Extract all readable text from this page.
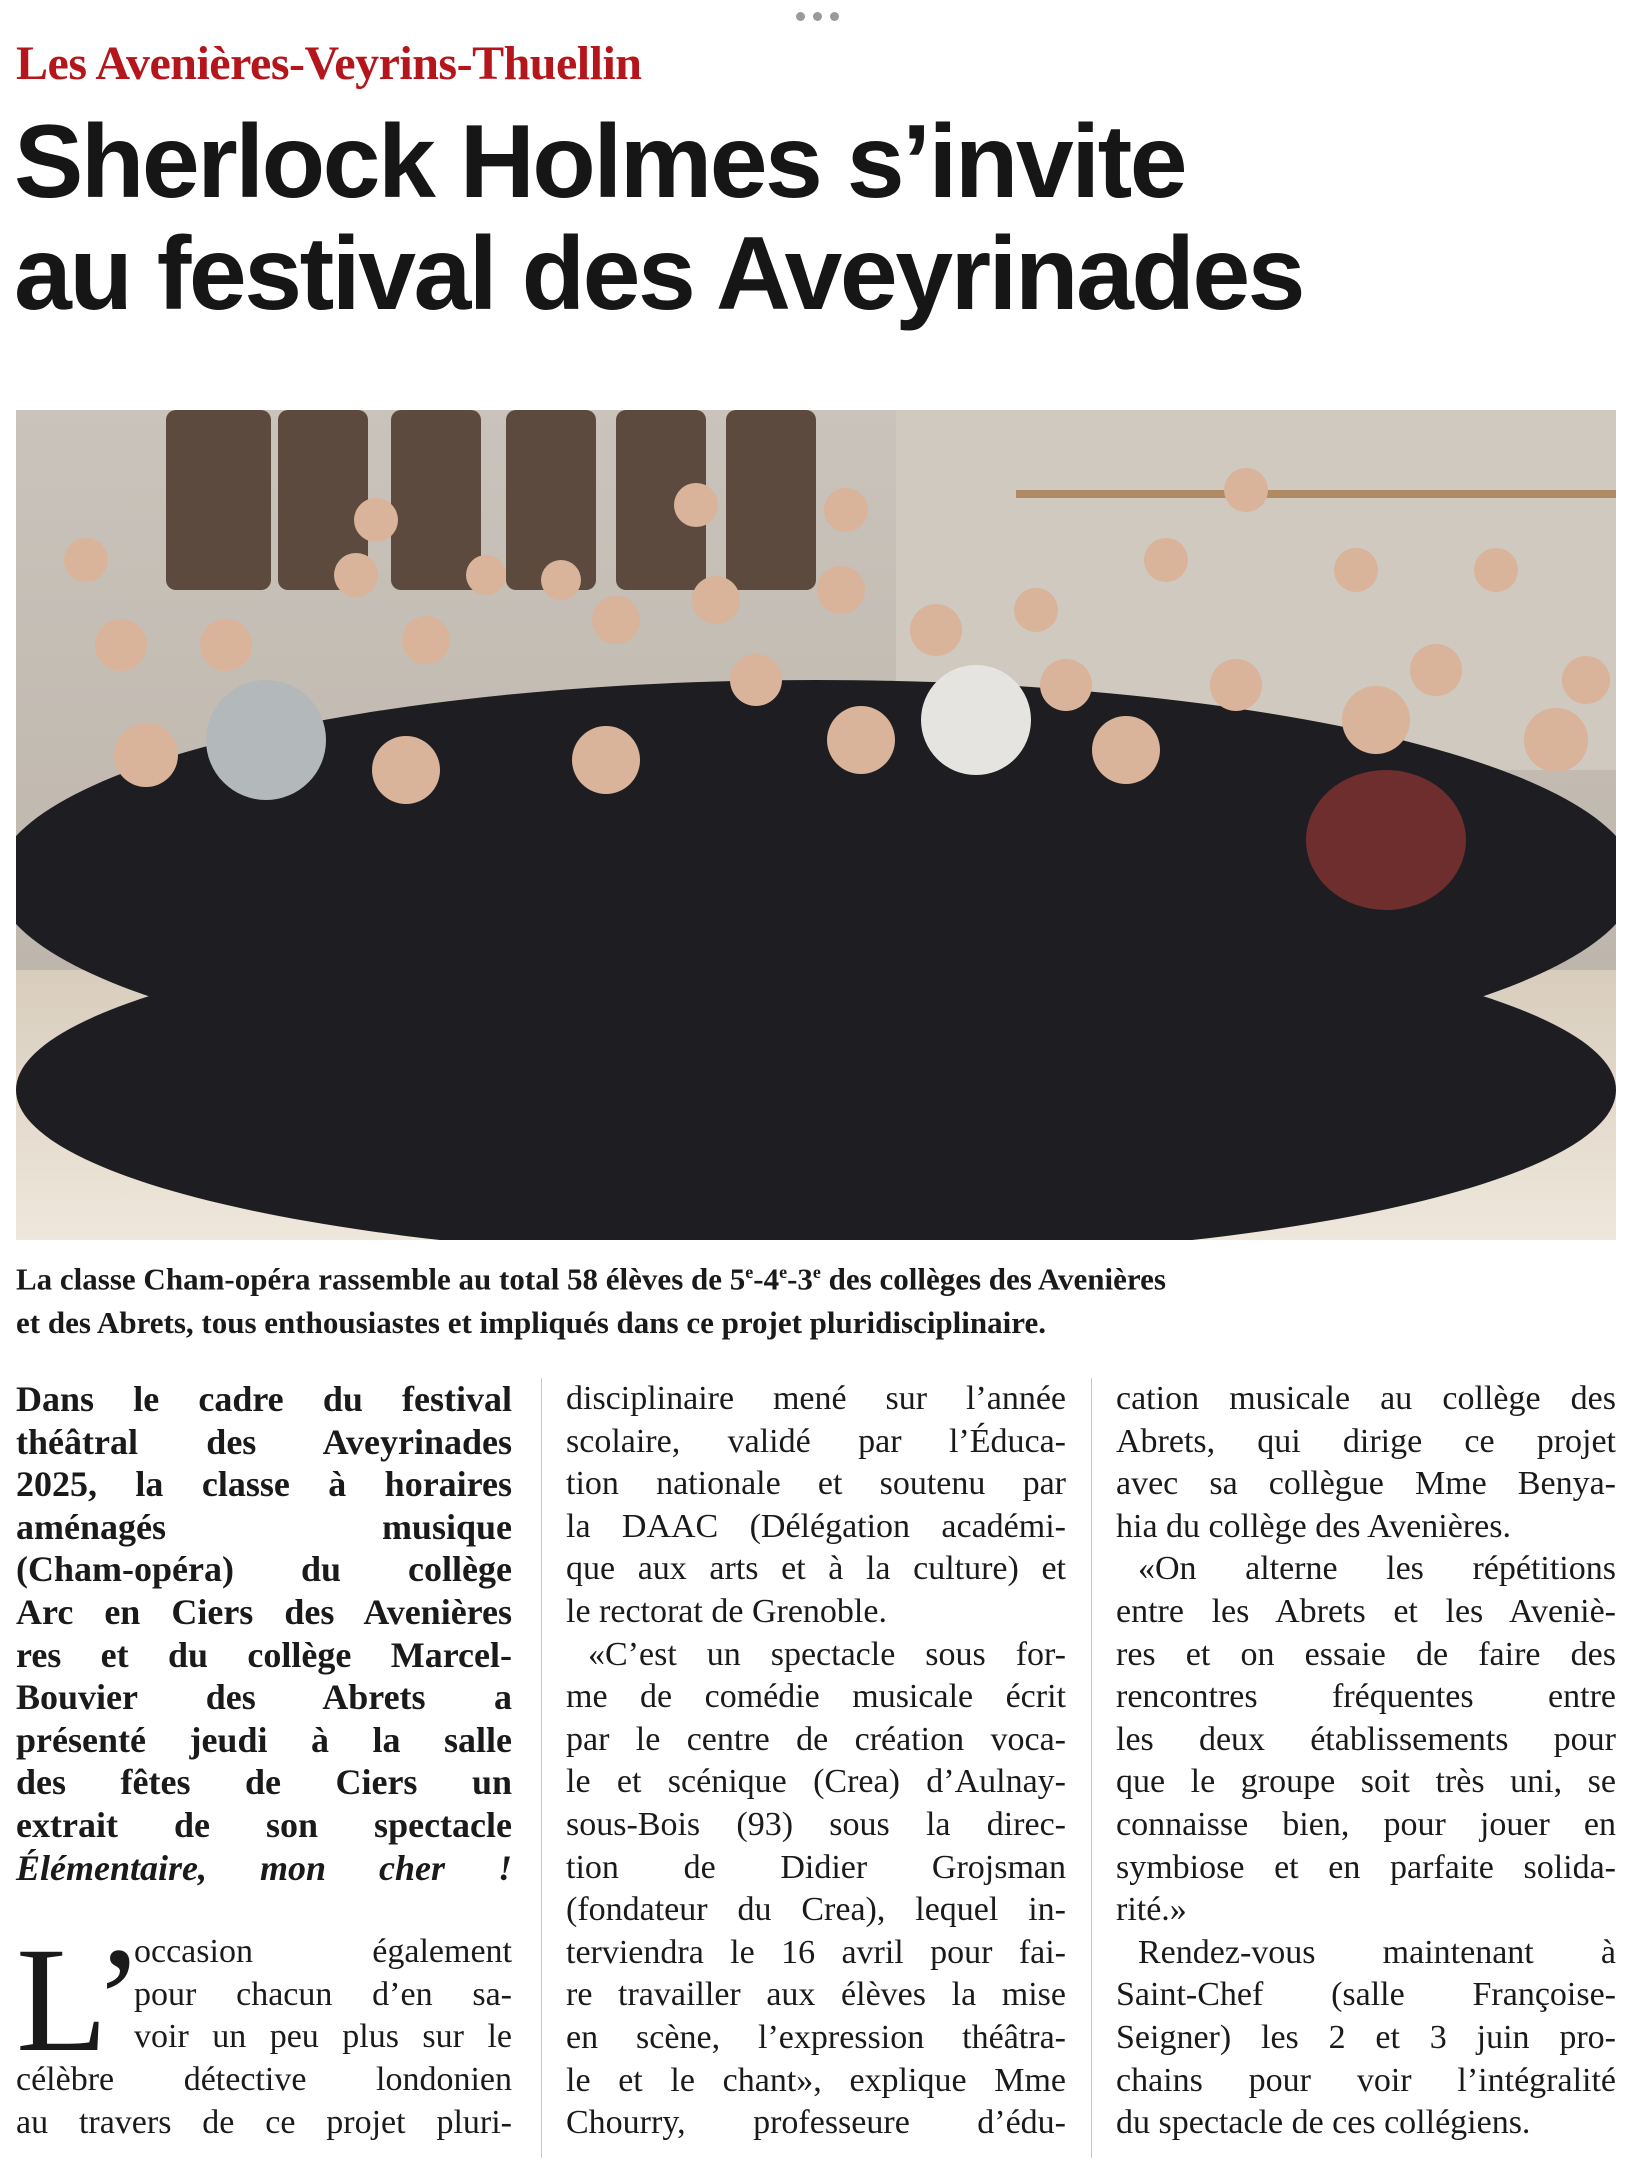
Les Avenières-Veyrins-Thuellin
Sherlock Holmes s’invite
au festival des Aveyrinades
La classe Cham-opéra rassemble au total 58 élèves de 5e-4e-3e des collèges des Avenières
et des Abrets, tous enthousiastes et impliqués dans ce projet pluridisciplinaire.
Dans le cadre du festival
théâtral des Aveyrinades
2025, la classe à horaires
aménagés musique
(Cham-opéra) du collège
Arc en Ciers des Avenières
res et du collège Marcel-
Bouvier des Abrets a
présenté jeudi à la salle
des fêtes de Ciers un
extrait de son spectacle
Élémentaire, mon cher !
L’
occasion également
pour chacun d’en sa-
voir un peu plus sur le
célèbre détective londonien
au travers de ce projet pluri-
disciplinaire mené sur l’année
scolaire, validé par l’Éduca-
tion nationale et soutenu par
la DAAC (Délégation académi-
que aux arts et à la culture) et
le rectorat de Grenoble.
«C’est un spectacle sous for-
me de comédie musicale écrit
par le centre de création voca-
le et scénique (Crea) d’Aulnay-
sous-Bois (93) sous la direc-
tion de Didier Grojsman
(fondateur du Crea), lequel in-
terviendra le 16 avril pour fai-
re travailler aux élèves la mise
en scène, l’expression théâtra-
le et le chant», explique Mme
Chourry, professeure d’édu-
cation musicale au collège des
Abrets, qui dirige ce projet
avec sa collègue Mme Benya-
hia du collège des Avenières.
«On alterne les répétitions
entre les Abrets et les Aveniè-
res et on essaie de faire des
rencontres fréquentes entre
les deux établissements pour
que le groupe soit très uni, se
connaisse bien, pour jouer en
symbiose et en parfaite solida-
rité.»
Rendez-vous maintenant à
Saint-Chef (salle Françoise-
Seigner) les 2 et 3 juin pro-
chains pour voir l’intégralité
du spectacle de ces collégiens.
